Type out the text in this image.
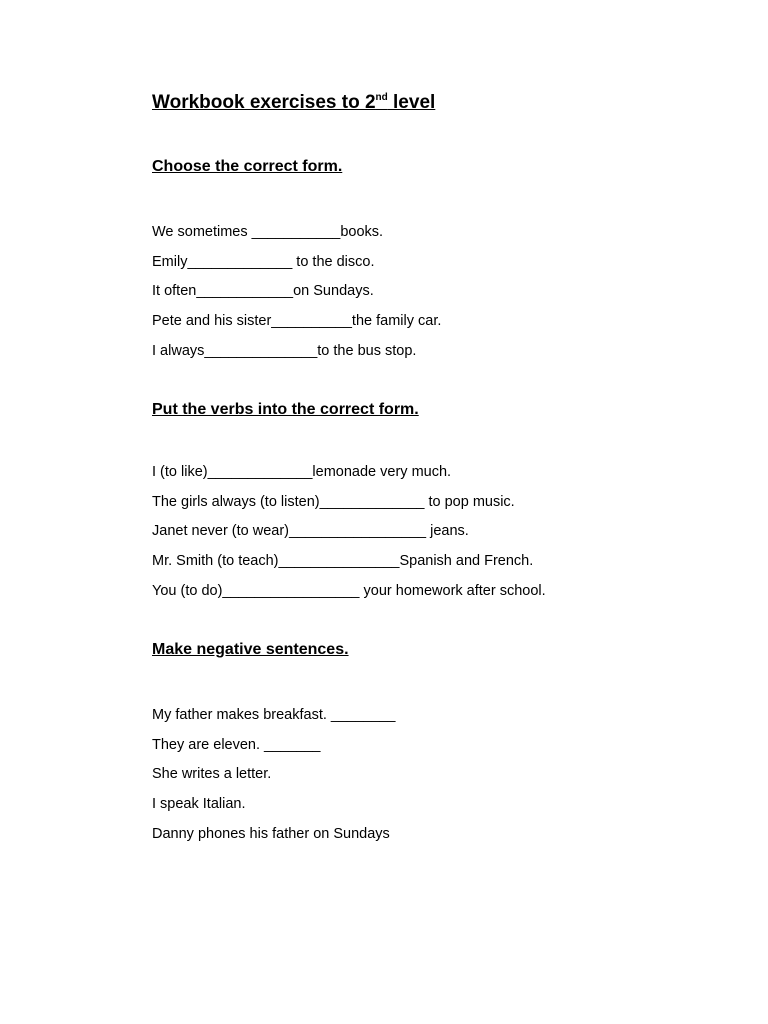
Workbook exercises to 2nd level
Choose the correct form.
We sometimes ___________books.
Emily_____________ to the disco.
It often____________on Sundays.
Pete and his sister__________the family car.
I always______________to the bus stop.
Put the verbs into the correct form.
I (to like)_____________lemonade very much.
The girls always (to listen)_____________ to pop music.
Janet never (to wear)_________________ jeans.
Mr. Smith (to teach)_______________Spanish and French.
You (to do)_________________ your homework after school.
Make negative sentences.
My father makes breakfast. ________
They are eleven. _______
She writes a letter.
I speak Italian.
Danny phones his father on Sundays
